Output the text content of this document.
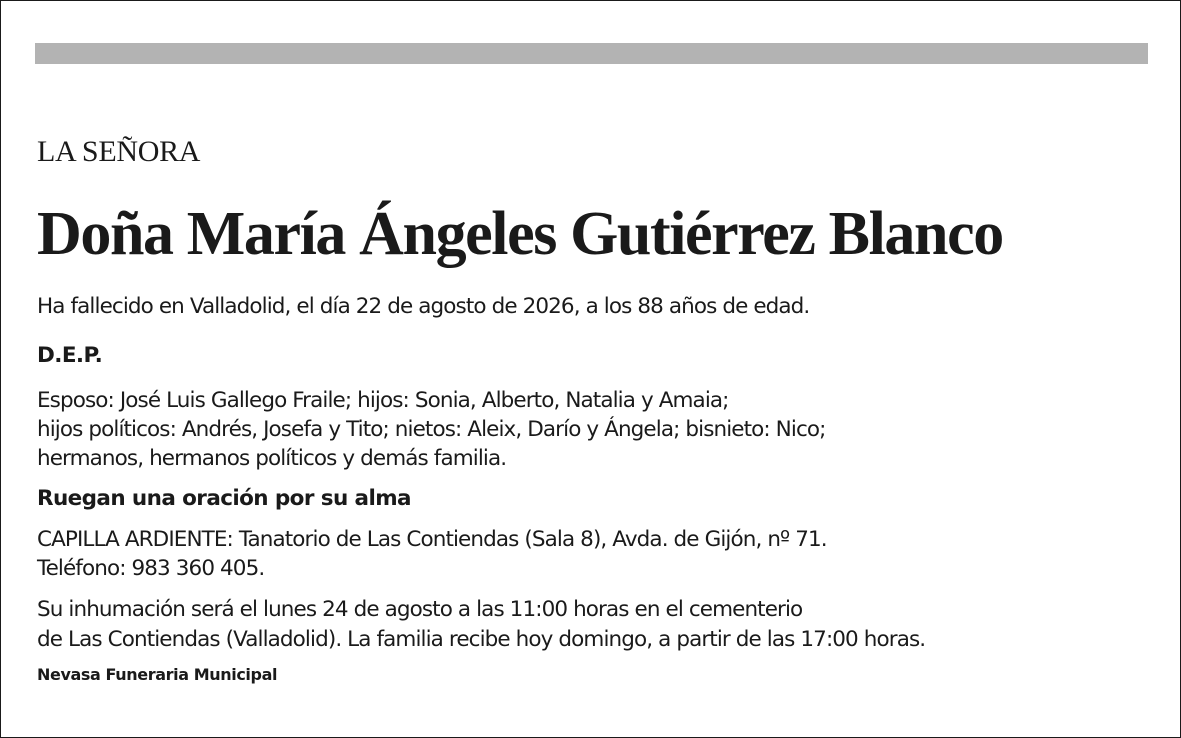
LA SEÑORA

Doña María Ángeles Gutiérrez Blanco

Ha fallecido en Valladolid, el día 22 de agosto de 2026, a los 88 años de edad.

D.E.P.

Esposo: José Luis Gallego Fraile; hijos: Sonia, Alberto, Natalia y Amaia;

hijos políticos: Andrés, Josefa y Tito; nietos: Aleix, Darío y Ángela; bisnieto: Nico;

hermanos, hermanos políticos y demás familia.

Ruegan una oración por su alma

CAPILLA ARDIENTE: Tanatorio de Las Contiendas (Sala 8), Avda. de Gijón, nº 71.

Teléfono: 983 360 405.

Su inhumación será el lunes 24 de agosto a las 11:00 horas en el cementerio

de Las Contiendas (Valladolid). La familia recibe hoy domingo, a partir de las 17:00 horas.

Nevasa Funeraria Municipal
